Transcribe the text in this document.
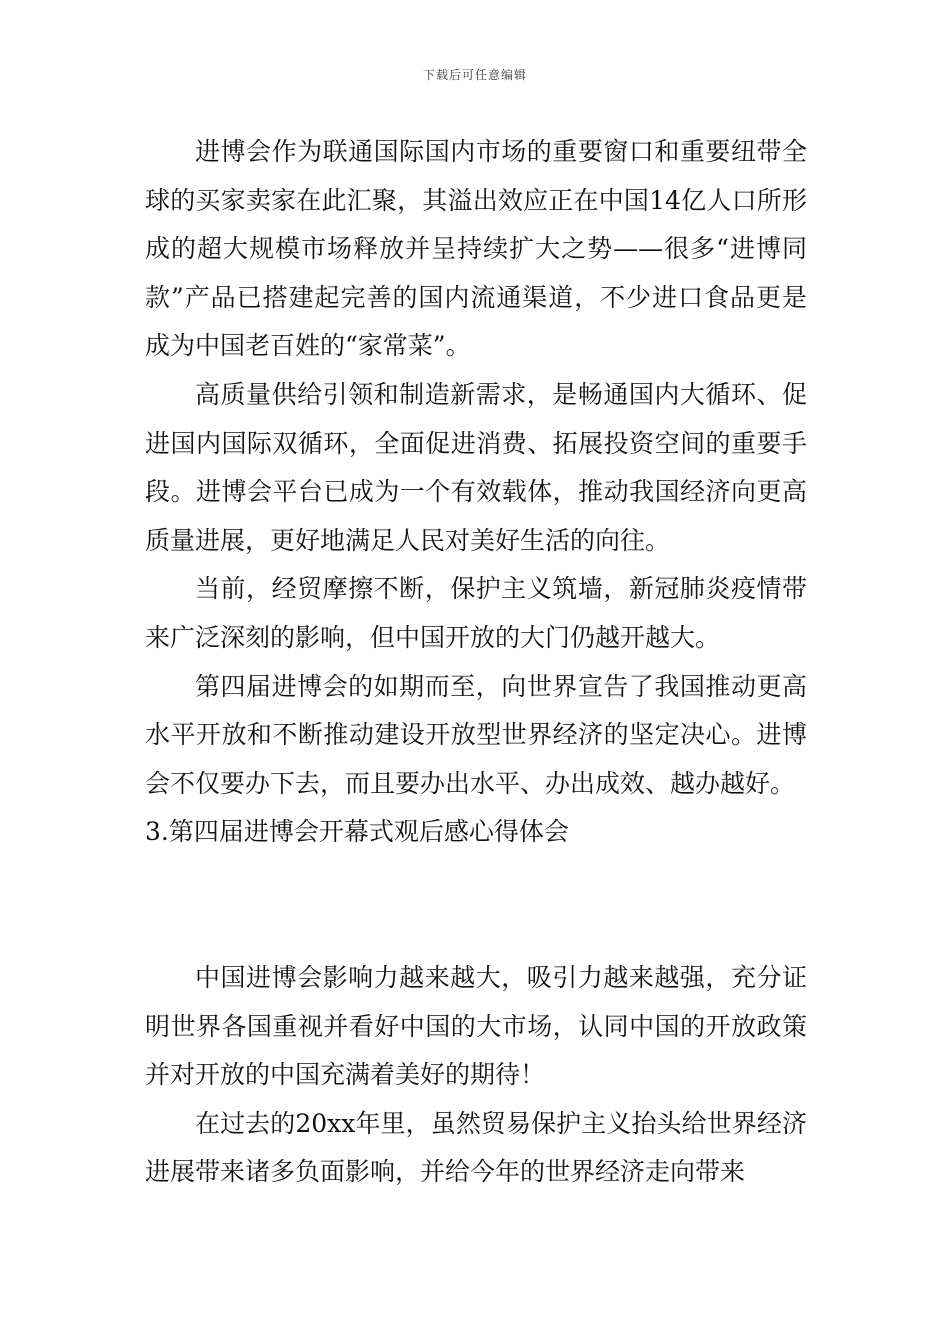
下载后可任意编辑

进博会作为联通国际国内市场的重要窗口和重要纽带全球的买家卖家在此汇聚，其溢出效应正在中国14亿人口所形成的超大规模市场释放并呈持续扩大之势——很多“进博同款”产品已搭建起完善的国内流通渠道，不少进口食品更是成为中国老百姓的“家常菜”。

高质量供给引领和制造新需求，是畅通国内大循环、促进国内国际双循环，全面促进消费、拓展投资空间的重要手段。进博会平台已成为一个有效载体，推动我国经济向更高质量进展，更好地满足人民对美好生活的向往。

当前，经贸摩擦不断，保护主义筑墙，新冠肺炎疫情带来广泛深刻的影响，但中国开放的大门仍越开越大。

第四届进博会的如期而至，向世界宣告了我国推动更高水平开放和不断推动建设开放型世界经济的坚定决心。进博会不仅要办下去，而且要办出水平、办出成效、越办越好。

3.第四届进博会开幕式观后感心得体会

中国进博会影响力越来越大，吸引力越来越强，充分证明世界各国重视并看好中国的大市场，认同中国的开放政策并对开放的中国充满着美好的期待！

在过去的20xx年里，虽然贸易保护主义抬头给世界经济进展带来诸多负面影响，并给今年的世界经济走向带来
